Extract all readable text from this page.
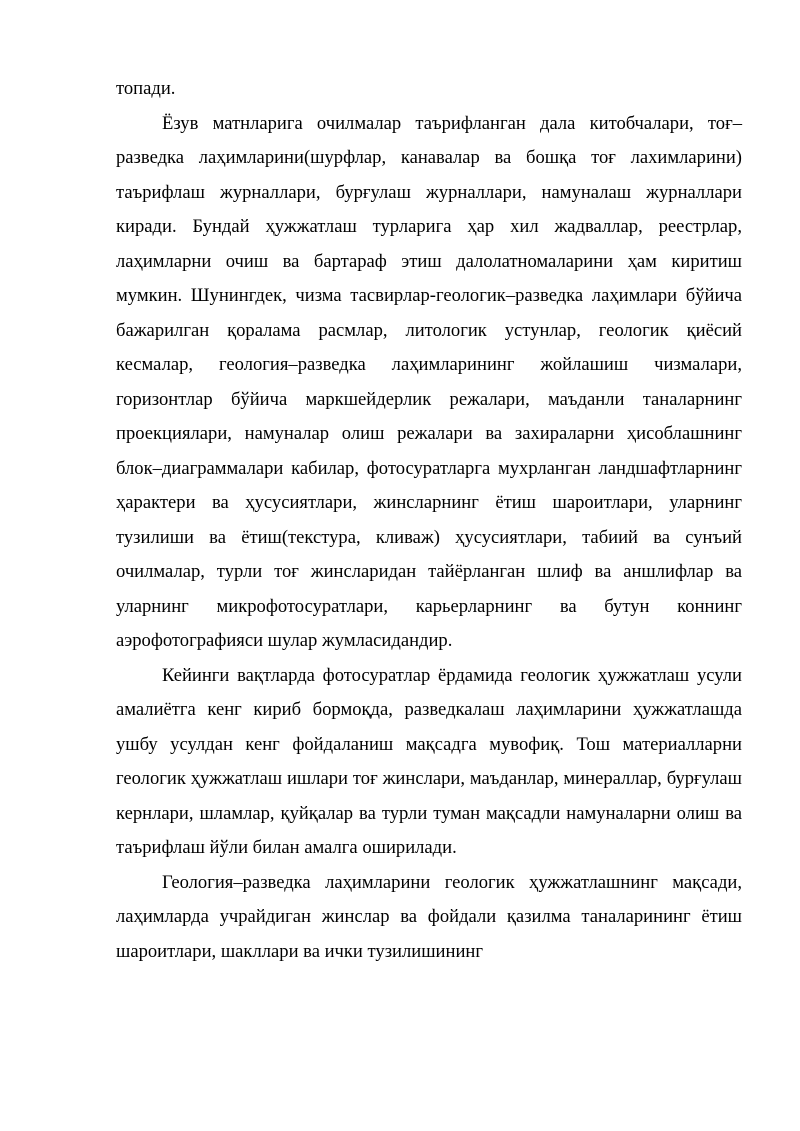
топади.

Ёзув матнларига очилмалар таърифланган дала китобчалари, тоғ–разведка лаҳимларини(шурфлар, канавалар ва бошқа тоғ лахимларини) таърифлаш журналлари, бурғулаш журналлари, намуналаш журналлари киради. Бундай ҳужжатлаш турларига ҳар хил жадваллар, реестрлар, лаҳимларни очиш ва бартараф этиш далолатномаларини ҳам киритиш мумкин. Шунингдек, чизма тасвирлар-геологик–разведка лаҳимлари бўйича бажарилган қоралама расмлар, литологик устунлар, геологик қиёсий кесмалар, геология–разведка лаҳимларининг жойлашиш чизмалари, горизонтлар бўйича маркшейдерлик режалари, маъданли таналарнинг проекциялари, намуналар олиш режалари ва захираларни ҳисоблашнинг блок–диаграммалари кабилар, фотосуратларга мухрланган ландшафтларнинг ҳарактери ва ҳусусиятлари, жинсларнинг ётиш шароитлари, уларнинг тузилиши ва ётиш(текстура, кливаж) ҳусусиятлари, табиий ва сунъий очилмалар, турли тоғ жинсларидан тайёрланган шлиф ва аншлифлар ва уларнинг микрофотосуратлари, карьерларнинг ва бутун коннинг аэрофотографияси шулар жумласидандир.

Кейинги вақтларда фотосуратлар ёрдамида геологик ҳужжатлаш усули амалиётга кенг кириб бормоқда, разведкалаш лаҳимларини ҳужжатлашда ушбу усулдан кенг фойдаланиш мақсадга мувофиқ. Тош материалларни геологик ҳужжатлаш ишлари тоғ жинслари, маъданлар, минераллар, бурғулаш кернлари, шламлар, қуйқалар ва турли туман мақсадли намуналарни олиш ва таърифлаш йўли билан амалга оширилади.

Геология–разведка лаҳимларини геологик ҳужжатлашнинг мақсади, лаҳимларда учрайдиган жинслар ва фойдали қазилма таналарининг ётиш шароитлари, шакллари ва ички тузилишининг
